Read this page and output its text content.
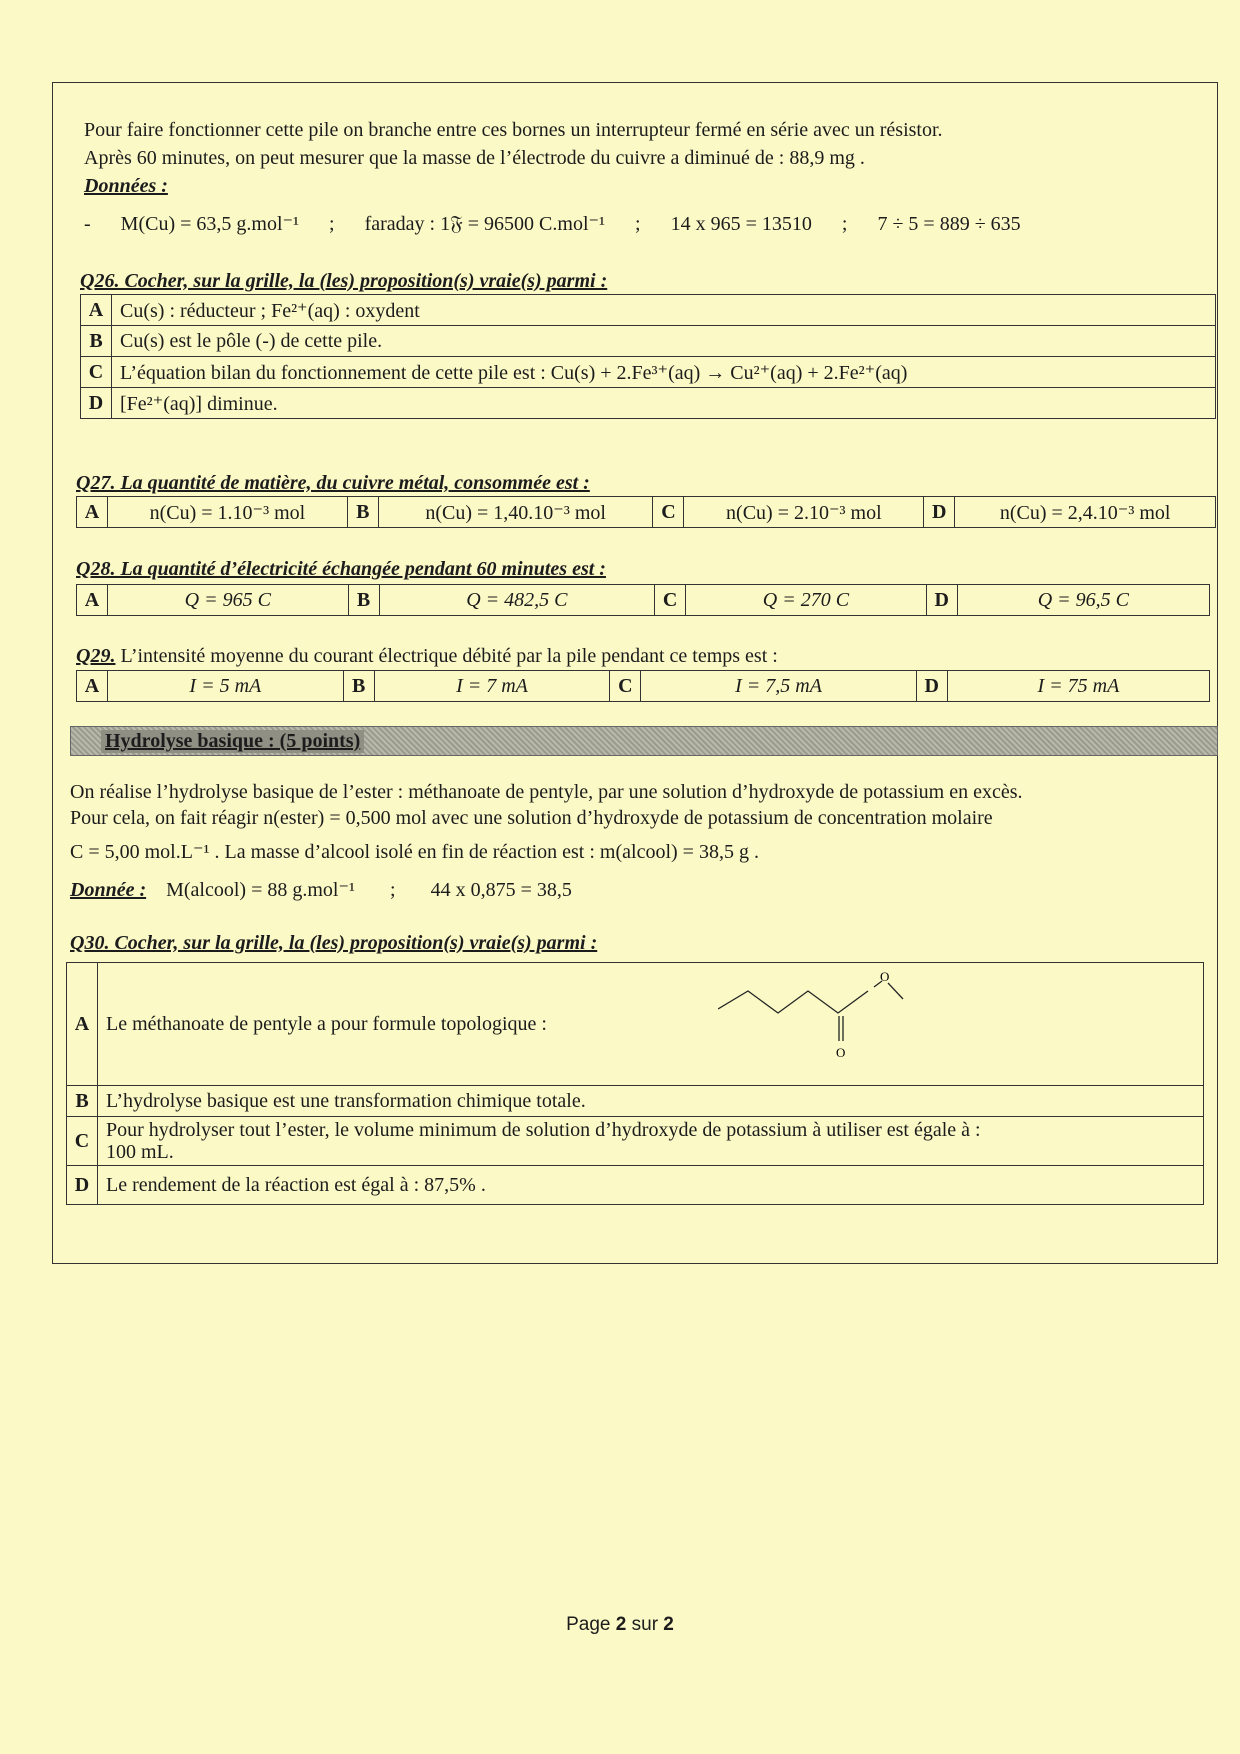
Pour faire fonctionner cette pile on branche entre ces bornes un interrupteur fermé en série avec un résistor.
Après 60 minutes, on peut mesurer que la masse de l’électrode du cuivre a diminué de : 88,9 mg .
Données :
-      M(Cu) = 63,5 g.mol⁻¹      ;      faraday : 1𝔉 = 96500 C.mol⁻¹      ;      14 x 965 = 13510      ;      7 ÷ 5 = 889 ÷ 635
Q26. Cocher, sur la grille, la (les) proposition(s) vraie(s) parmi :
A	Cu(s) : réducteur ; Fe²⁺(aq) : oxydent
B	Cu(s) est le pôle (-) de cette pile.
C	L’équation bilan du fonctionnement de cette pile est : Cu(s) + 2.Fe³⁺(aq) → Cu²⁺(aq) + 2.Fe²⁺(aq)
D	[Fe²⁺(aq)] diminue.
Q27. La quantité de matière, du cuivre métal, consommée est :
A	n(Cu) = 1.10⁻³ mol	B	n(Cu) = 1,40.10⁻³ mol	C	n(Cu) = 2.10⁻³ mol	D	n(Cu) = 2,4.10⁻³ mol
Q28. La quantité d’électricité échangée pendant 60 minutes est :
A	Q = 965 C	B	Q = 482,5 C	C	Q = 270 C	D	Q = 96,5 C
Q29. L’intensité moyenne du courant électrique débité par la pile pendant ce temps est :
A	I = 5 mA	B	I = 7 mA	C	I = 7,5 mA	D	I = 75 mA
Hydrolyse basique : (5 points)
On réalise l’hydrolyse basique de l’ester : méthanoate de pentyle, par une solution d’hydroxyde de potassium en excès.
Pour cela, on fait réagir n(ester) = 0,500 mol avec une solution d’hydroxyde de potassium de concentration molaire
C = 5,00 mol.L⁻¹ . La masse d’alcool isolé en fin de réaction est : m(alcool) = 38,5 g .
Donnée : M(alcool) = 88 g.mol⁻¹       ;       44 x 0,875 = 38,5
Q30. Cocher, sur la grille, la (les) proposition(s) vraie(s) parmi :
A	Le méthanoate de pentyle a pour formule topologique :
O
O

B	L’hydrolyse basique est une transformation chimique totale.
C	Pour hydrolyser tout l’ester, le volume minimum de solution d’hydroxyde de potassium à utiliser est égale à :
100 mL.

D	Le rendement de la réaction est égal à : 87,5% .
Page 2 sur 2
